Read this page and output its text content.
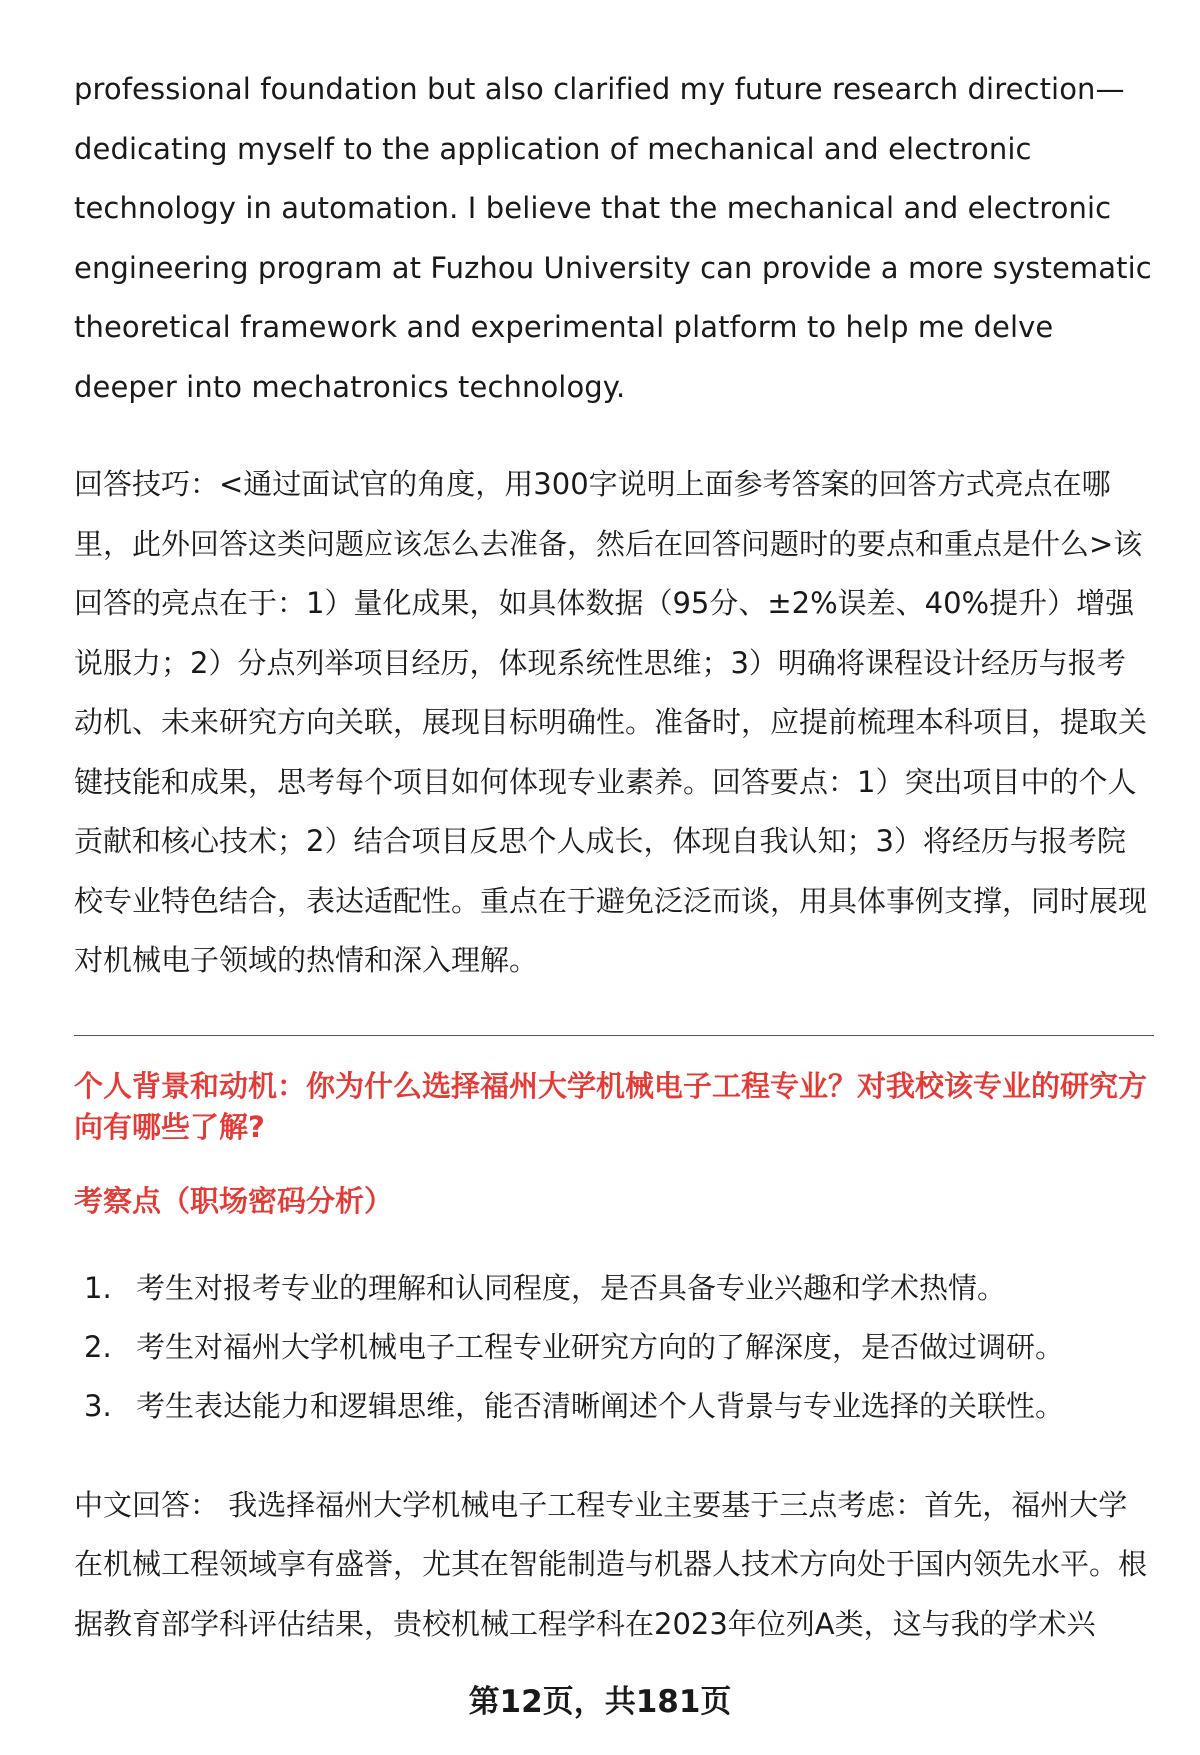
professional foundation but also clarified my future research direction—dedicating myself to the application of mechanical and electronic technology in automation. I believe that the mechanical and electronic engineering program at Fuzhou University can provide a more systematic theoretical framework and experimental platform to help me delve deeper into mechatronics technology.

回答技巧：<通过面试官的角度，用300字说明上面参考答案的回答方式亮点在哪里，此外回答这类问题应该怎么去准备，然后在回答问题时的要点和重点是什么>该回答的亮点在于：1）量化成果，如具体数据（95分、±2%误差、40%提升）增强说服力；2）分点列举项目经历，体现系统性思维；3）明确将课程设计经历与报考动机、未来研究方向关联，展现目标明确性。准备时，应提前梳理本科项目，提取关键技能和成果，思考每个项目如何体现专业素养。回答要点：1）突出项目中的个人贡献和核心技术；2）结合项目反思个人成长，体现自我认知；3）将经历与报考院校专业特色结合，表达适配性。重点在于避免泛泛而谈，用具体事例支撑，同时展现对机械电子领域的热情和深入理解。

个人背景和动机：你为什么选择福州大学机械电子工程专业？对我校该专业的研究方向有哪些了解?
考察点（职场密码分析）
1. 考生对报考专业的理解和认同程度，是否具备专业兴趣和学术热情。
2. 考生对福州大学机械电子工程专业研究方向的了解深度，是否做过调研。
3. 考生表达能力和逻辑思维，能否清晰阐述个人背景与专业选择的关联性。

中文回答： 我选择福州大学机械电子工程专业主要基于三点考虑：首先，福州大学在机械工程领域享有盛誉，尤其在智能制造与机器人技术方向处于国内领先水平。根据教育部学科评估结果，贵校机械工程学科在2023年位列A类，这与我的学术兴

第12页，共181页
